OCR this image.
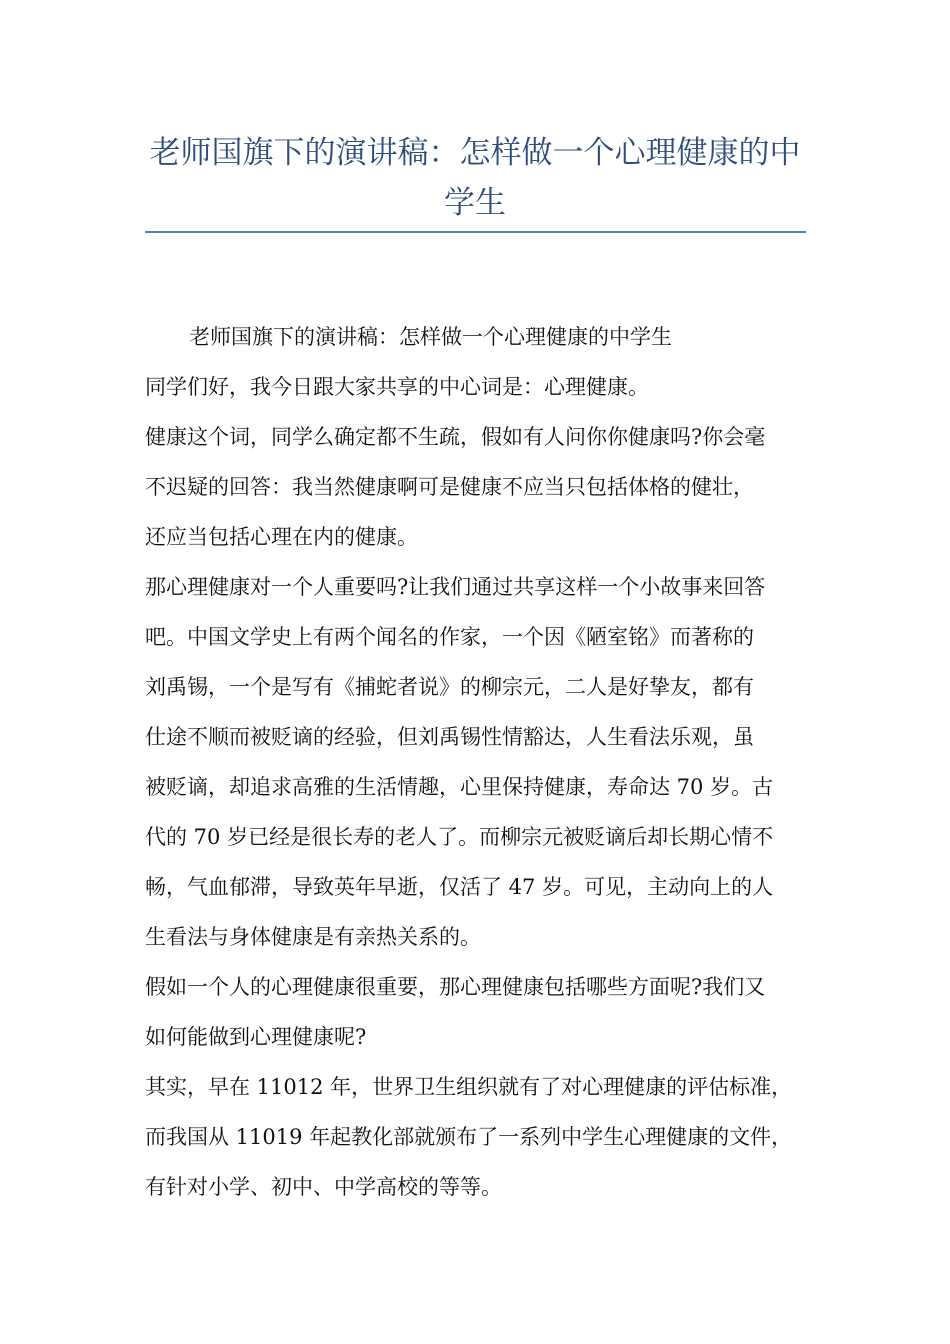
老师国旗下的演讲稿：怎样做一个心理健康的中学生
老师国旗下的演讲稿：怎样做一个心理健康的中学生
同学们好，我今日跟大家共享的中心词是：心理健康。
健康这个词，同学么确定都不生疏，假如有人问你你健康吗?你会毫
不迟疑的回答：我当然健康啊可是健康不应当只包括体格的健壮，
还应当包括心理在内的健康。
那心理健康对一个人重要吗?让我们通过共享这样一个小故事来回答
吧。中国文学史上有两个闻名的作家，一个因《陋室铭》而著称的
刘禹锡，一个是写有《捕蛇者说》的柳宗元，二人是好挚友，都有
仕途不顺而被贬谪的经验，但刘禹锡性情豁达，人生看法乐观，虽
被贬谪，却追求高雅的生活情趣，心里保持健康，寿命达 70 岁。古
代的 70 岁已经是很长寿的老人了。而柳宗元被贬谪后却长期心情不
畅，气血郁滞，导致英年早逝，仅活了 47 岁。可见，主动向上的人
生看法与身体健康是有亲热关系的。
假如一个人的心理健康很重要，那心理健康包括哪些方面呢?我们又
如何能做到心理健康呢?
其实，早在 11012 年，世界卫生组织就有了对心理健康的评估标准，
而我国从 11019 年起教化部就颁布了一系列中学生心理健康的文件，
有针对小学、初中、中学高校的等等。
